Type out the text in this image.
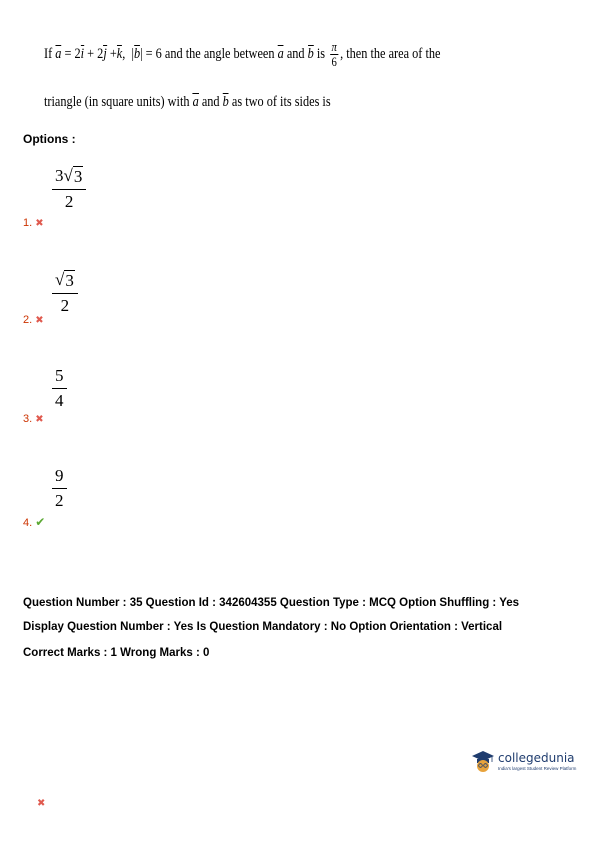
If a = 2i + 2j +k,  |b| = 6 and the angle between a and b is $\frac{\pi}{6}$ , then the area of the
triangle (in square units) with a and b as two of its sides is
Options :
$\frac{3 √ 3}{2}$
1. ✖
$\frac{√ 3}{2}$
2. ✖
$\frac{5}{4}$
3. ✖
$\frac{9}{2}$
4. ✔
Question Number : 35 Question Id : 342604355 Question Type : MCQ Option Shuffling : Yes
Display Question Number : Yes Is Question Mandatory : No Option Orientation : Vertical
Correct Marks : 1 Wrong Marks : 0
collegedunia
India's largest Student Review Platform
✖
